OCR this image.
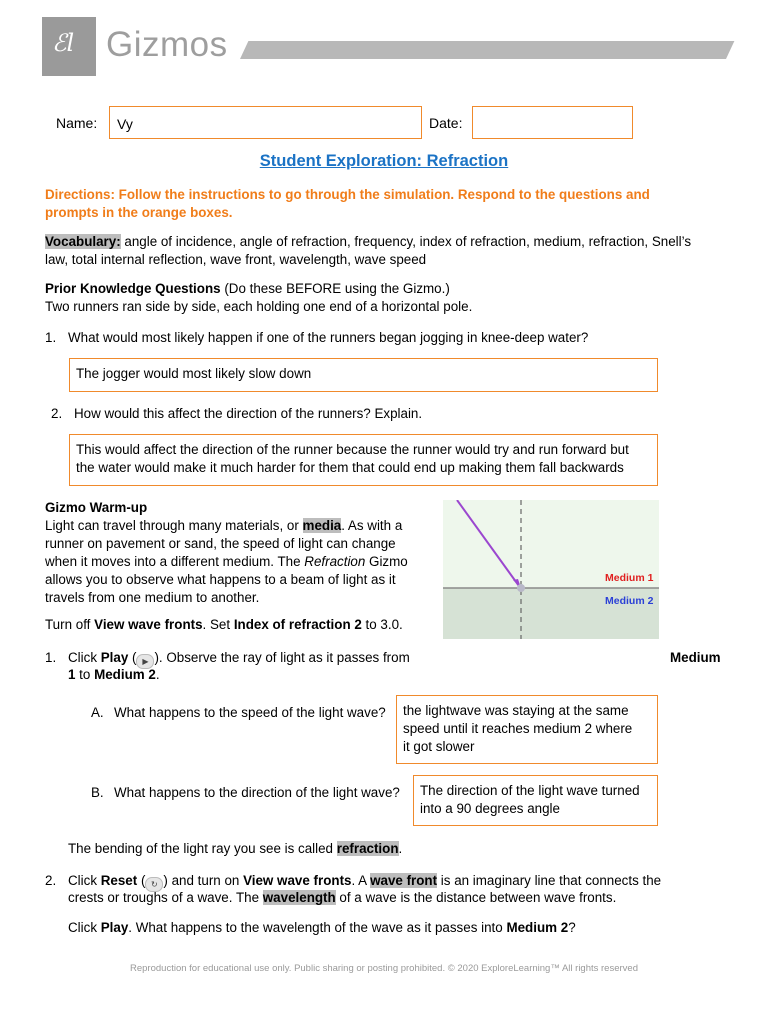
ℰl Gizmos
Name:	Vy	Date:
Student Exploration: Refraction
Directions: Follow the instructions to go through the simulation. Respond to the questions and
prompts in the orange boxes.
Vocabulary: angle of incidence, angle of refraction, frequency, index of refraction, medium, refraction, Snell’s
law, total internal reflection, wave front, wavelength, wave speed
Prior Knowledge Questions (Do these BEFORE using the Gizmo.)
Two runners ran side by side, each holding one end of a horizontal pole.
1. What would most likely happen if one of the runners began jogging in knee-deep water?
The jogger would most likely slow down
2. How would this affect the direction of the runners? Explain.
This would affect the direction of the runner because the runner would try and run forward but
the water would make it much harder for them that could end up making them fall backwards
Gizmo Warm-up
Light can travel through many materials, or media. As with a
runner on pavement or sand, the speed of light can change
when it moves into a different medium. The Refraction Gizmo
allows you to observe what happens to a beam of light as it
travels from one medium to another.
Turn off View wave fronts. Set Index of refraction 2 to 3.0.
Medium 1
Medium 2
1. Click Play ( ▶ ). Observe the ray of light as it passes from	Medium
1 to Medium 2.
A. What happens to the speed of the light wave? the lightwave was staying at the same
speed until it reaches medium 2 where
it got slower
B. What happens to the direction of the light wave? The direction of the light wave turned
into a 90 degrees angle
The bending of the light ray you see is called refraction.
2. Click Reset ( ↻ ) and turn on View wave fronts. A wave front is an imaginary line that connects the
crests or troughs of a wave. The wavelength of a wave is the distance between wave fronts.
Click Play. What happens to the wavelength of the wave as it passes into Medium 2?
Reproduction for educational use only. Public sharing or posting prohibited. © 2020 ExploreLearning™ All rights reserved
